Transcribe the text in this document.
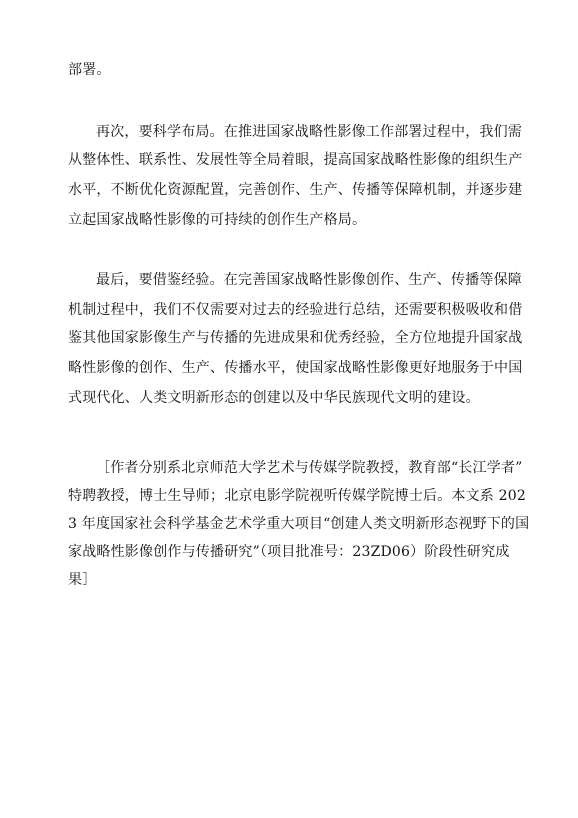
部署。
再次，要科学布局。在推进国家战略性影像工作部署过程中，我们需
从整体性、联系性、发展性等全局着眼，提高国家战略性影像的组织生产
水平，不断优化资源配置，完善创作、生产、传播等保障机制，并逐步建
立起国家战略性影像的可持续的创作生产格局。
最后，要借鉴经验。在完善国家战略性影像创作、生产、传播等保障
机制过程中，我们不仅需要对过去的经验进行总结，还需要积极吸收和借
鉴其他国家影像生产与传播的先进成果和优秀经验，全方位地提升国家战
略性影像的创作、生产、传播水平，使国家战略性影像更好地服务于中国
式现代化、人类文明新形态的创建以及中华民族现代文明的建设。
［作者分别系北京师范大学艺术与传媒学院教授，教育部“长江学者”
特聘教授，博士生导师；北京电影学院视听传媒学院博士后。本文系 202
3 年度国家社会科学基金艺术学重大项目“创建人类文明新形态视野下的国
家战略性影像创作与传播研究”（项目批准号：23ZD06）阶段性研究成
果］
